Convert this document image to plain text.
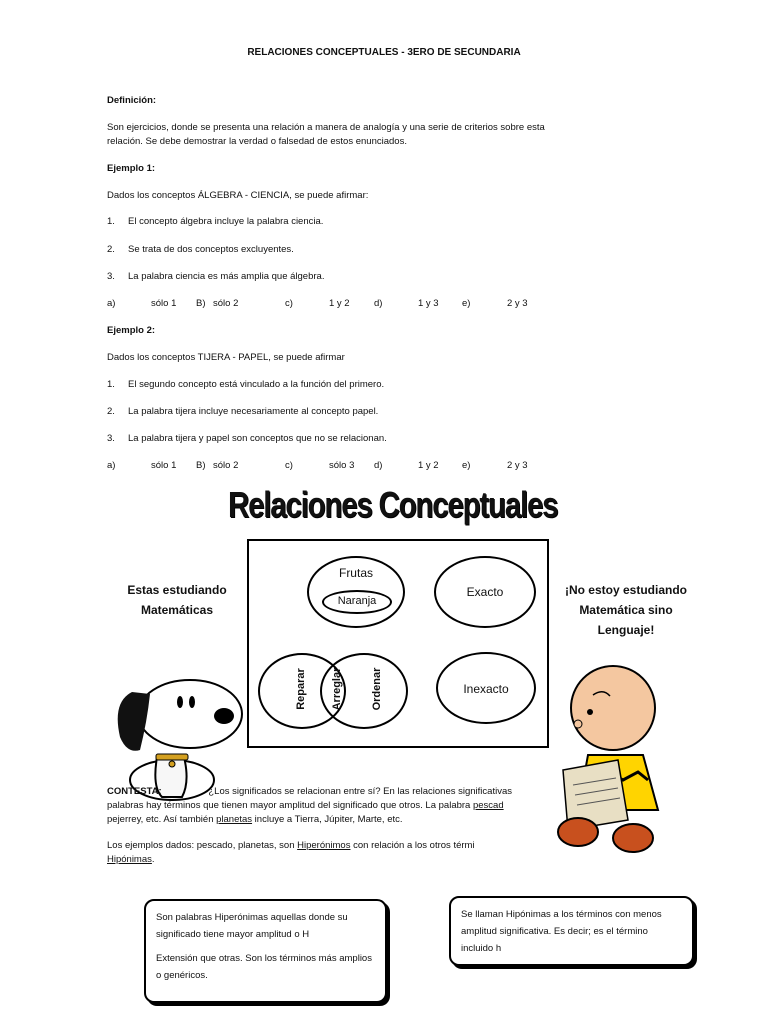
RELACIONES CONCEPTUALES - 3ERO DE SECUNDARIA
Definición:
Son ejercicios, donde se presenta una relación a manera de analogía y una serie de criterios sobre esta relación. Se debe demostrar la verdad o falsedad de estos enunciados.
Ejemplo 1:
Dados los conceptos ÁLGEBRA - CIENCIA, se puede afirmar:
1. El concepto álgebra incluye la palabra ciencia.
2. Se trata de dos conceptos excluyentes.
3. La palabra ciencia es más amplia que álgebra.
a)	sólo 1 B) sólo 2	c)	1 y 2	d)	1 y 3 e)	2 y 3
Ejemplo 2:
Dados los conceptos TIJERA - PAPEL, se puede afirmar
1. El segundo concepto está vinculado a la función del primero.
2. La palabra tijera incluye necesariamente al concepto papel.
3. La palabra tijera y papel son conceptos que no se relacionan.
a)	sólo 1 B) sólo 2	c)	sólo 3 d)	1 y 2 e)	2 y 3
Relaciones Conceptuales
Frutas
Naranja
Exacto
Reparar Arreglar	Ordenar	Inexacto
Estas estudiando
Matemáticas
¡No estoy estudiando
Matemática sino
Lenguaje!
CONTESTA:	¿Los significados se relacionan entre sí? En las relaciones significativas
palabras hay términos que tienen mayor amplitud del significado que otros. La palabra pescad
pejerrey, etc. Así también planetas incluye a Tierra, Júpiter, Marte, etc.
Los ejemplos dados: pescado, planetas, son Hiperónimos con relación a los otros térmi
Hipónimas.
Son palabras Hiperónimas aquellas donde su significado tiene mayor amplitud o H
Extensión que otras. Son los términos más amplios o genéricos.
Se llaman Hipónimas a los términos con menos amplitud significativa. Es decir; es el término incluido h
